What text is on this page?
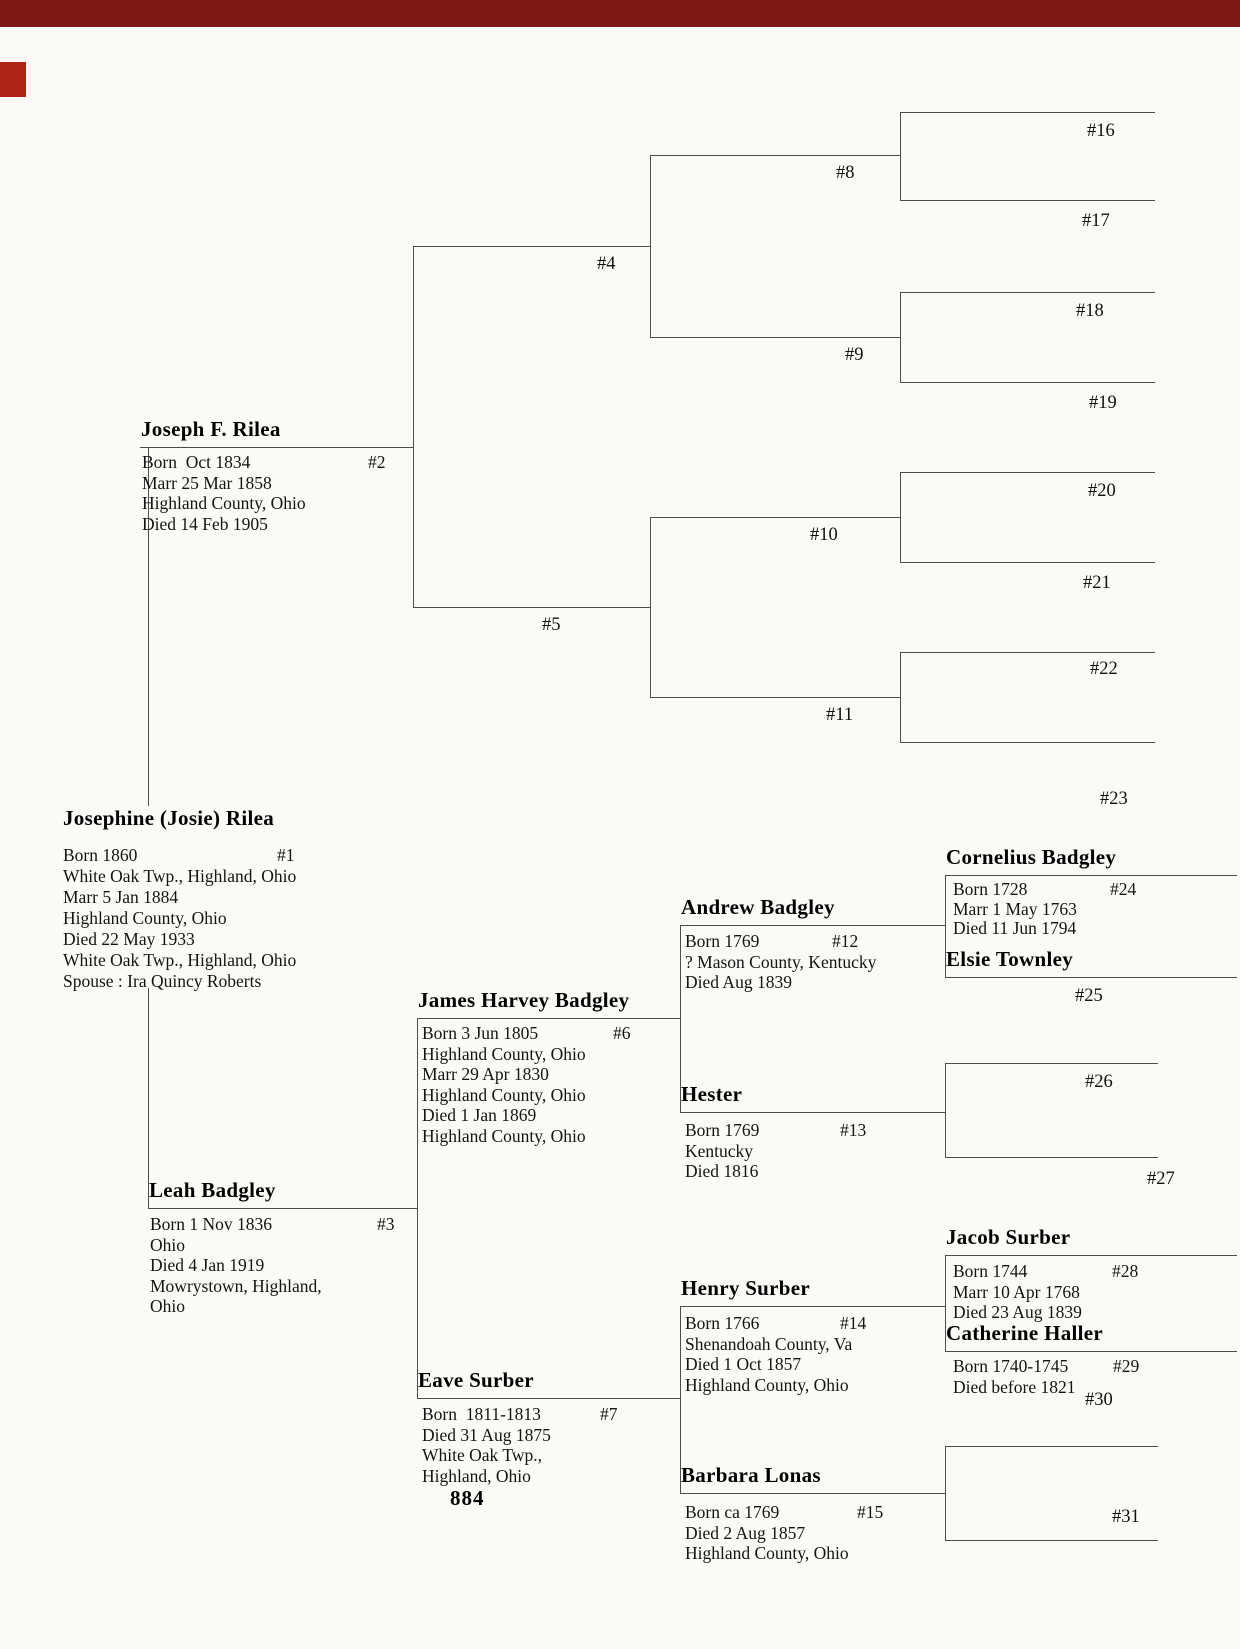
Josephine (Josie) Rilea
Born 1860	#1
White Oak Twp., Highland, Ohio
Marr 5 Jan 1884
Highland County, Ohio
Died 22 May 1933
White Oak Twp., Highland, Ohio
Spouse : Ira Quincy Roberts
Joseph F. Rilea
Born  Oct 1834	#2
Marr 25 Mar 1858
Highland County, Ohio
Died 14 Feb 1905
Leah Badgley
Born 1 Nov 1836	#3
Ohio
Died 4 Jan 1919
Mowrystown, Highland,
Ohio
#4
#5
James Harvey Badgley
Born 3 Jun 1805	#6
Highland County, Ohio
Marr 29 Apr 1830
Highland County, Ohio
Died 1 Jan 1869
Highland County, Ohio
Eave Surber
Born  1811-1813	#7
Died 31 Aug 1875
White Oak Twp.,
Highland, Ohio
#8
#9
#10
#11
Andrew Badgley
Born 1769	#12
? Mason County, Kentucky
Died Aug 1839
Hester
Born 1769	#13
Kentucky
Died 1816
Henry Surber
Born 1766	#14
Shenandoah County, Va
Died 1 Oct 1857
Highland County, Ohio
Barbara Lonas
Born ca 1769	#15
Died 2 Aug 1857
Highland County, Ohio
#16
#17
#18
#19
#20
#21
#22
#23
Cornelius Badgley
Born 1728	#24
Marr 1 May 1763
Died 11 Jun 1794
Elsie Townley
#25
#26
#27
Jacob Surber
Born 1744	#28
Marr 10 Apr 1768
Died 23 Aug 1839
Catherine Haller
Born 1740-1745	#29
Died before 1821
#30
#31
884
